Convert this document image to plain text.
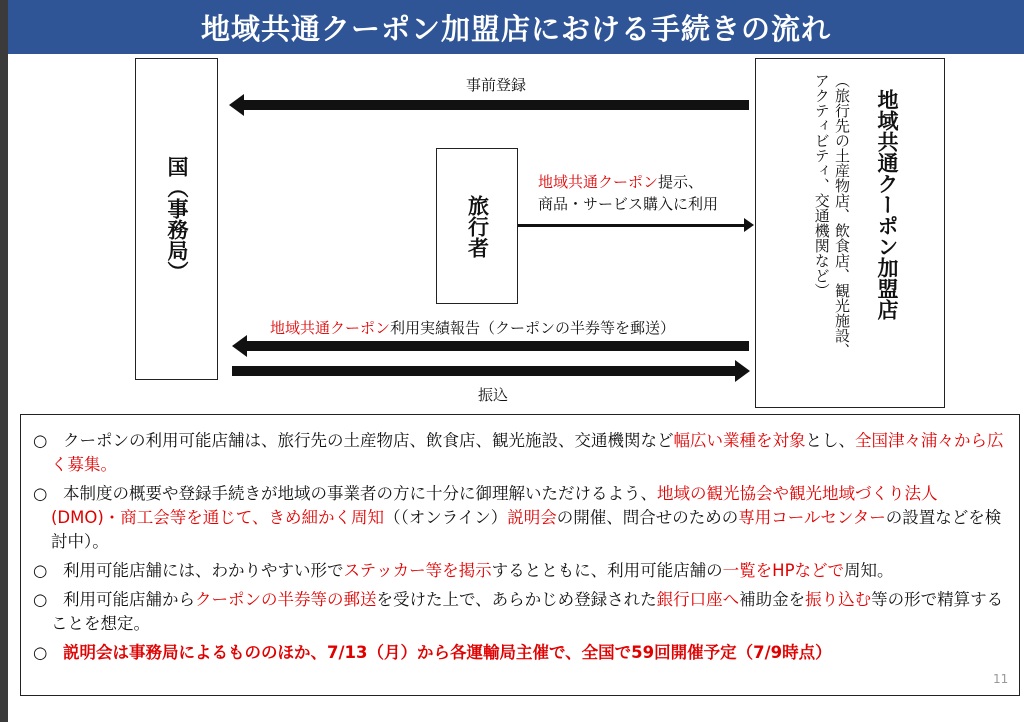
地域共通クーポン加盟店における手続きの流れ
国（事務局）	旅行者	地域共通クーポン加盟店
（旅行先の土産物店、飲食店、観光施設、
アクティビティ、交通機関など）
事前登録
地域共通クーポン提示、
商品・サービス購入に利用
地域共通クーポン利用実績報告（クーポンの半券等を郵送）
振込
○ クーポンの利用可能店舗は、旅行先の土産物店、飲食店、観光施設、交通機関など幅広い業種を対象とし、全国津々浦々から広く募集。
○ 本制度の概要や登録手続きが地域の事業者の方に十分に御理解いただけるよう、地域の観光協会や観光地域づくり法人(DMO)・商工会等を通じて、きめ細かく周知（（オンライン）説明会の開催、問合せのための専用コールセンターの設置などを検討中）。
○ 利用可能店舗には、わかりやすい形でステッカー等を掲示するとともに、利用可能店舗の一覧をHPなどで周知。
○ 利用可能店舗からクーポンの半券等の郵送を受けた上で、あらかじめ登録された銀行口座へ補助金を振り込む等の形で精算することを想定。
○ 説明会は事務局によるもののほか、7/13（月）から各運輸局主催で、全国で59回開催予定（7/9時点）
11
